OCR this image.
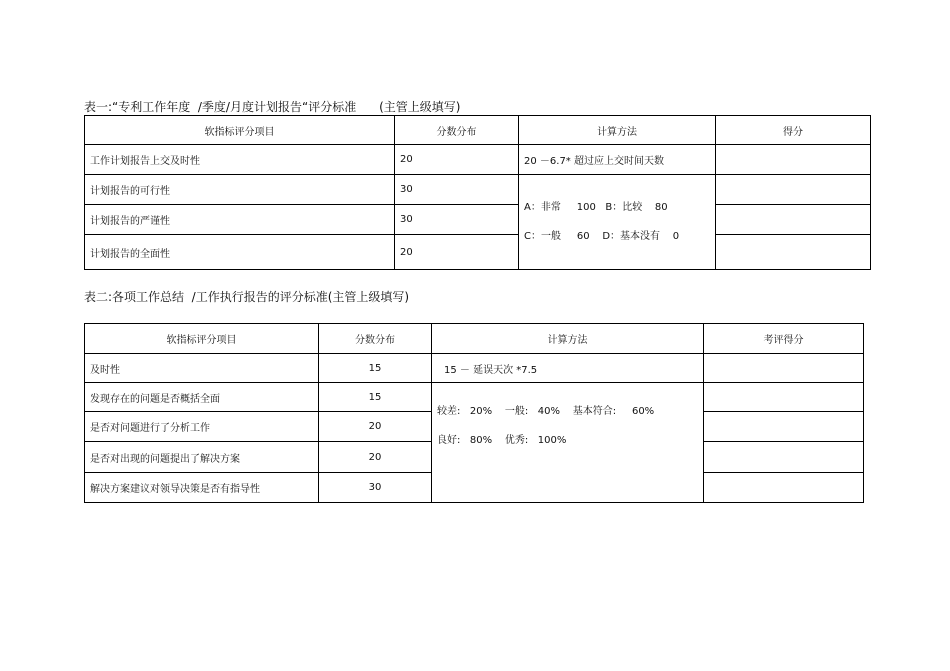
表一:“专利工作年度  /季度/月度计划报告“评分标准      (主管上级填写)
软指标评分项目	分数分布	计算方法	得分
工作计划报告上交及时性	20	20 －6.7* 超过应上交时间天数	
计划报告的可行性	30	A：非常     100   B：比较    80
C：一般     60    D：基本没有    0	

计划报告的严谨性	30		
计划报告的全面性	20		
表二:各项工作总结  /工作执行报告的评分标准(主管上级填写)
软指标评分项目	分数分布	计算方法	考评得分
及时性	15	15 － 延误天次 *7.5	
发现存在的问题是否概括全面	15	较差:   20%    一般:   40%    基本符合:     60%
良好:   80%    优秀:   100%	

是否对问题进行了分析工作	20		
是否对出现的问题提出了解决方案	20		
解决方案建议对领导决策是否有指导性	30		
